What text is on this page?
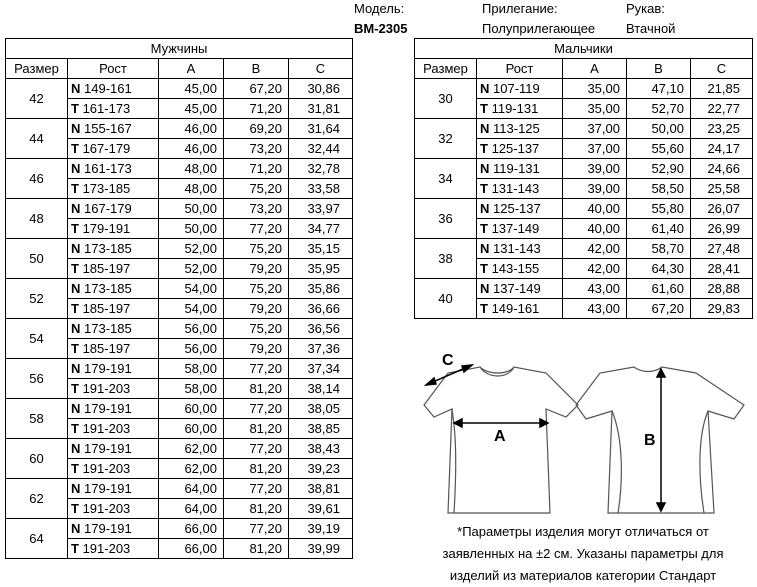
Модель:
BM-2305
Прилегание:
Полуприлегающее
Рукав:
Втачной
Мужчины				
Размер	Рост	A	B	C
42	N 149-161	45,00	67,20	30,86
	T 161-173	45,00	71,20	31,81
44	N 155-167	46,00	69,20	31,64
	T 167-179	46,00	73,20	32,44
46	N 161-173	48,00	71,20	32,78
	T 173-185	48,00	75,20	33,58
48	N 167-179	50,00	73,20	33,97
	T 179-191	50,00	77,20	34,77
50	N 173-185	52,00	75,20	35,15
	T 185-197	52,00	79,20	35,95
52	N 173-185	54,00	75,20	35,86
	T 185-197	54,00	79,20	36,66
54	N 173-185	56,00	75,20	36,56
	T 185-197	56,00	79,20	37,36
56	N 179-191	58,00	77,20	37,34
	T 191-203	58,00	81,20	38,14
58	N 179-191	60,00	77,20	38,05
	T 191-203	60,00	81,20	38,85
60	N 179-191	62,00	77,20	38,43
	T 191-203	62,00	81,20	39,23
62	N 179-191	64,00	77,20	38,81
	T 191-203	64,00	81,20	39,61
64	N 179-191	66,00	77,20	39,19
	T 191-203	66,00	81,20	39,99
Мальчики				
Размер	Рост	A	B	C
30	N 107-119	35,00	47,10	21,85
	T 119-131	35,00	52,70	22,77
32	N 113-125	37,00	50,00	23,25
	T 125-137	37,00	55,60	24,17
34	N 119-131	39,00	52,90	24,66
	T 131-143	39,00	58,50	25,58
36	N 125-137	40,00	55,80	26,07
	T 137-149	40,00	61,40	26,99
38	N 131-143	42,00	58,70	27,48
	T 143-155	42,00	64,30	28,41
40	N 137-149	43,00	61,60	28,88
	T 149-161	43,00	67,20	29,83
C
A	B
*Параметры изделия могут отличаться от
заявленных на ±2 см. Указаны параметры для
изделий из материалов категории Стандарт
